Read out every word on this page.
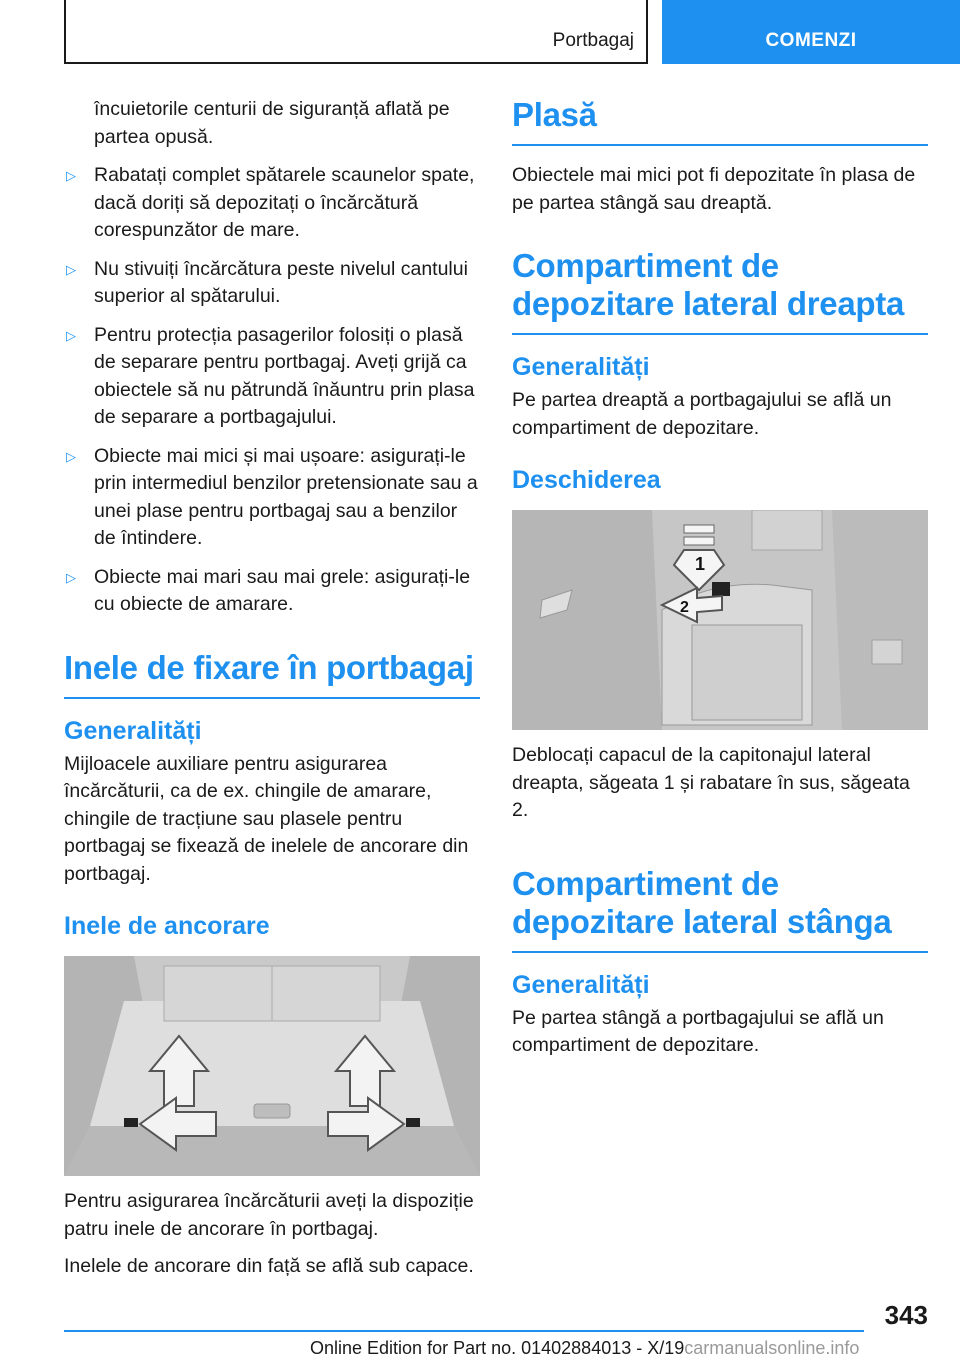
Portbagaj	COMENZI

încuietorile centurii de siguranță aflată pe partea opusă.

▷ Rabatați complet spătarele scaunelor spate, dacă doriți să depozitați o încărcătură corespunzător de mare.
▷ Nu stivuiți încărcătura peste nivelul cantului superior al spătarului.
▷ Pentru protecția pasagerilor folosiți o plasă de separare pentru portbagaj. Aveți grijă ca obiectele să nu pătrundă înăuntru prin plasa de separare a portbagajului.
▷ Obiecte mai mici și mai ușoare: asigurați-le prin intermediul benzilor pretensionate sau a unei plase pentru portbagaj sau a benzilor de întindere.
▷ Obiecte mai mari sau mai grele: asigurați-le cu obiecte de amarare.
Inele de fixare în portbagaj
Generalități

Mijloacele auxiliare pentru asigurarea încărcăturii, ca de ex. chingile de amarare, chingile de tracțiune sau plasele pentru portbagaj se fixează de inelele de ancorare din portbagaj.

Inele de ancorare

Pentru asigurarea încărcăturii aveți la dispoziție patru inele de ancorare în portbagaj.

Inelele de ancorare din față se află sub capace.

Plasă

Obiectele mai mici pot fi depozitate în plasa de pe partea stângă sau dreaptă.

Compartiment de depozitare lateral dreapta
Generalități

Pe partea dreaptă a portbagajului se află un compartiment de depozitare.

Deschiderea
1
2

Deblocați capacul de la capitonajul lateral dreapta, săgeata 1 și rabatare în sus, săgeata 2.

Compartiment de depozitare lateral stânga
Generalități

Pe partea stângă a portbagajului se află un compartiment de depozitare.

343
Online Edition for Part no. 01402884013 - X/19carmanualsonline.info
